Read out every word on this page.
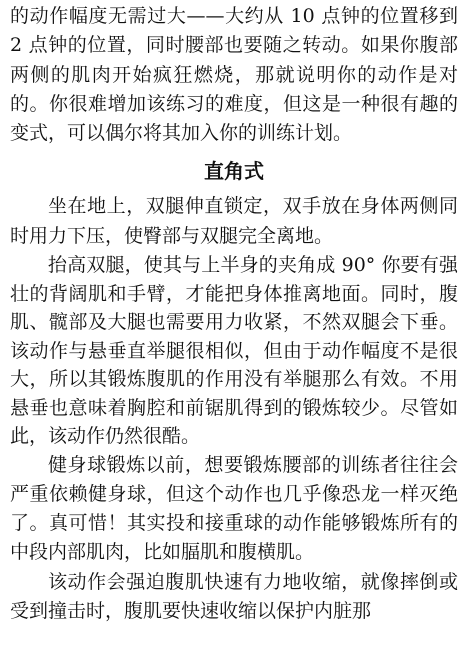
的动作幅度无需过大——大约从 10 点钟的位置移到 2 点钟的位置，同时腰部也要随之转动。如果你腹部两侧的肌肉开始疯狂燃烧，那就说明你的动作是对的。你很难增加该练习的难度，但这是一种很有趣的变式，可以偶尔将其加入你的训练计划。

直角式

坐在地上，双腿伸直锁定，双手放在身体两侧同时用力下压，使臀部与双腿完全离地。

抬高双腿，使其与上半身的夹角成 90° 你要有强壮的背阔肌和手臂，才能把身体推离地面。同时，腹肌、髋部及大腿也需要用力收紧，不然双腿会下垂。该动作与悬垂直举腿很相似，但由于动作幅度不是很大，所以其锻炼腹肌的作用没有举腿那么有效。不用悬垂也意味着胸腔和前锯肌得到的锻炼较少。尽管如此，该动作仍然很酷。

健身球锻炼以前，想要锻炼腰部的训练者往往会严重依赖健身球，但这个动作也几乎像恐龙一样灭绝了。真可惜！其实投和接重球的动作能够锻炼所有的中段内部肌肉，比如腷肌和腹横肌。

该动作会强迫腹肌快速有力地收缩，就像摔倒或受到撞击时，腹肌要快速收缩以保护内脏那
